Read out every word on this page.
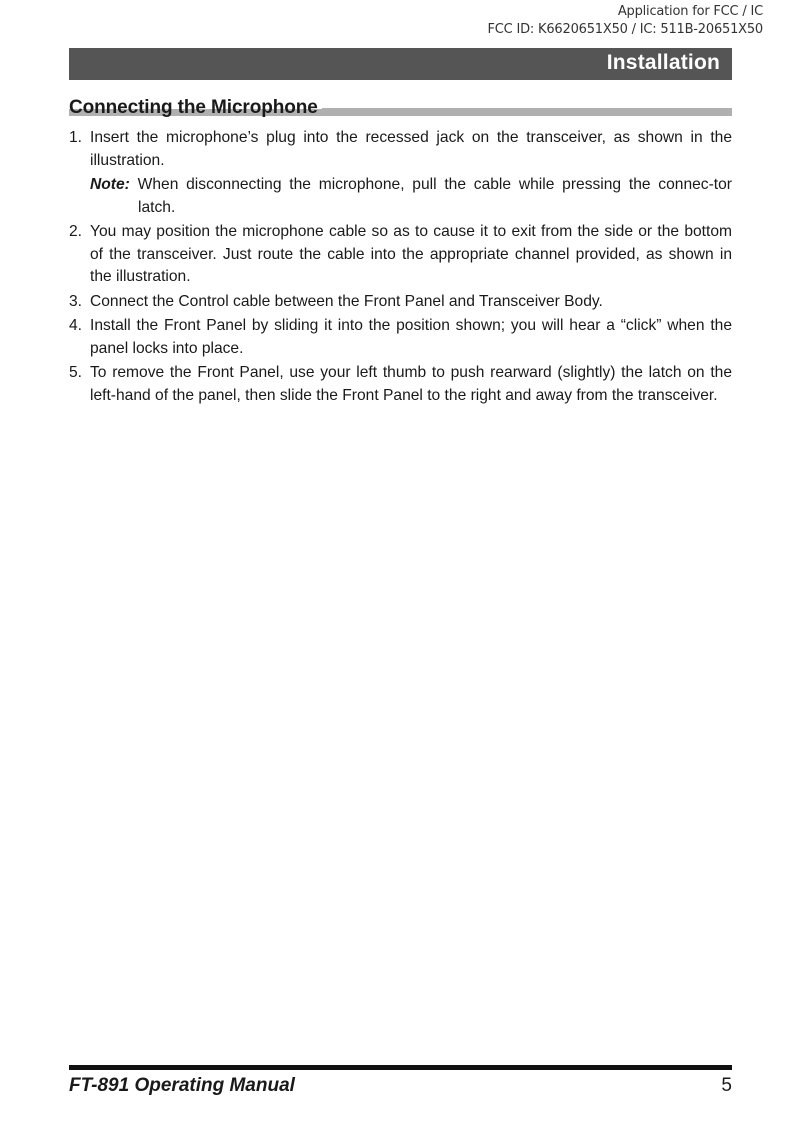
Application for FCC / IC
FCC ID: K6620651X50 / IC: 511B-20651X50
Installation
Connecting the Microphone
1. Insert the microphone’s plug into the recessed jack on the transceiver, as shown in the illustration.
Note: When disconnecting the microphone, pull the cable while pressing the connec-tor latch.
2. You may position the microphone cable so as to cause it to exit from the side or the bottom of the transceiver. Just route the cable into the appropriate channel provided, as shown in the illustration.
3. Connect the Control cable between the Front Panel and Transceiver Body.
4. Install the Front Panel by sliding it into the position shown; you will hear a “click” when the panel locks into place.
5. To remove the Front Panel, use your left thumb to push rearward (slightly) the latch on the left-hand of the panel, then slide the Front Panel to the right and away from the transceiver.
FT-891 Operating Manual	5
